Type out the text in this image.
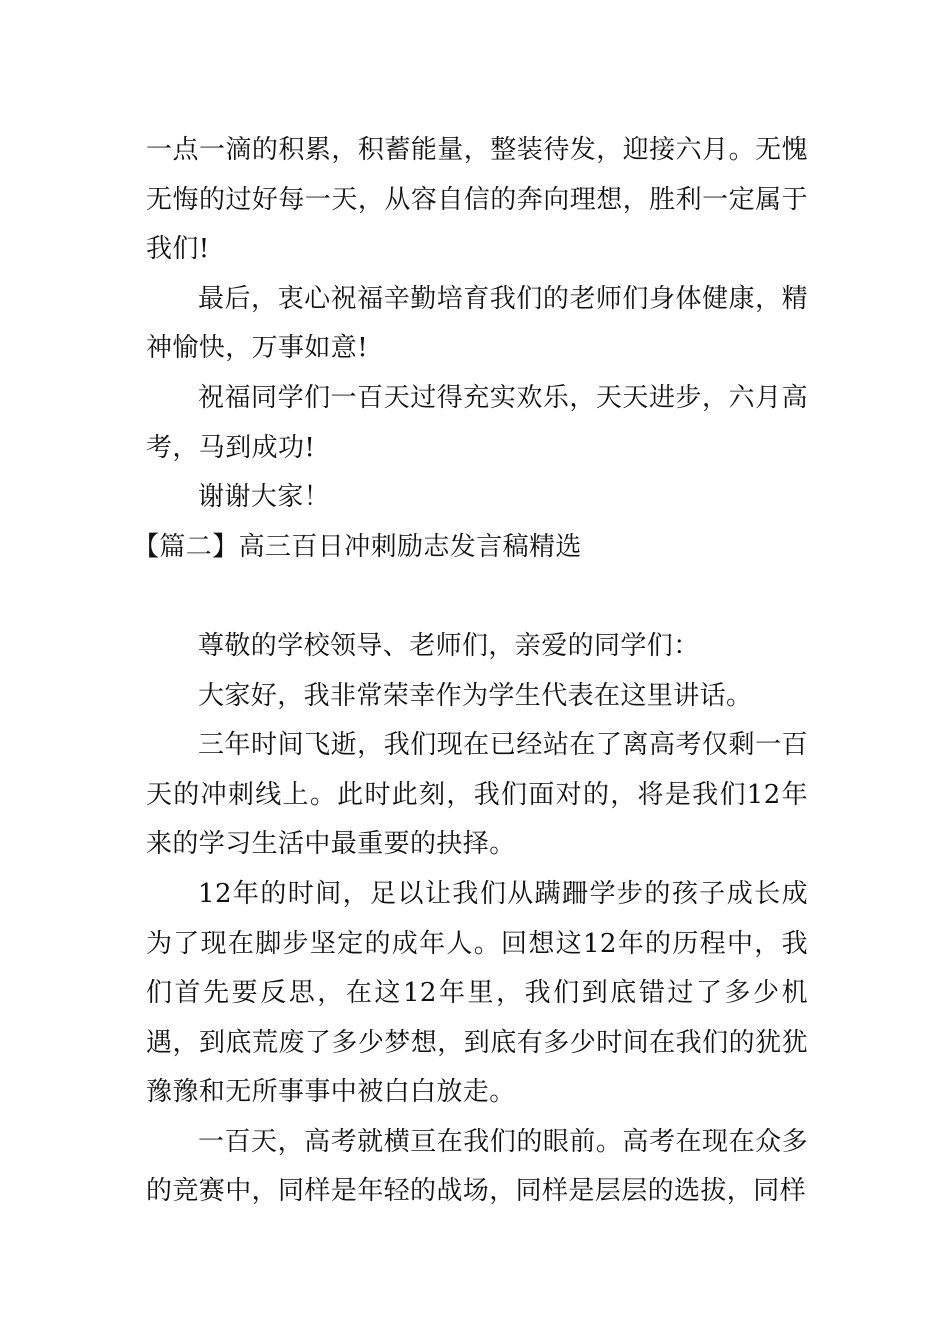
一点一滴的积累，积蓄能量，整装待发，迎接六月。无愧无悔的过好每一天，从容自信的奔向理想，胜利一定属于我们!

最后，衷心祝福辛勤培育我们的老师们身体健康，精神愉快，万事如意!

祝福同学们一百天过得充实欢乐，天天进步，六月高考，马到成功!

谢谢大家！

【篇二】高三百日冲刺励志发言稿精选

尊敬的学校领导、老师们，亲爱的同学们：

大家好，我非常荣幸作为学生代表在这里讲话。

三年时间飞逝，我们现在已经站在了离高考仅剩一百天的冲刺线上。此时此刻，我们面对的，将是我们12年来的学习生活中最重要的抉择。

12年的时间，足以让我们从蹒跚学步的孩子成长成为了现在脚步坚定的成年人。回想这12年的历程中，我们首先要反思，在这12年里，我们到底错过了多少机遇，到底荒废了多少梦想，到底有多少时间在我们的犹犹豫豫和无所事事中被白白放走。

一百天，高考就横亘在我们的眼前。高考在现在众多的竞赛中，同样是年轻的战场，同样是层层的选拔，同样
